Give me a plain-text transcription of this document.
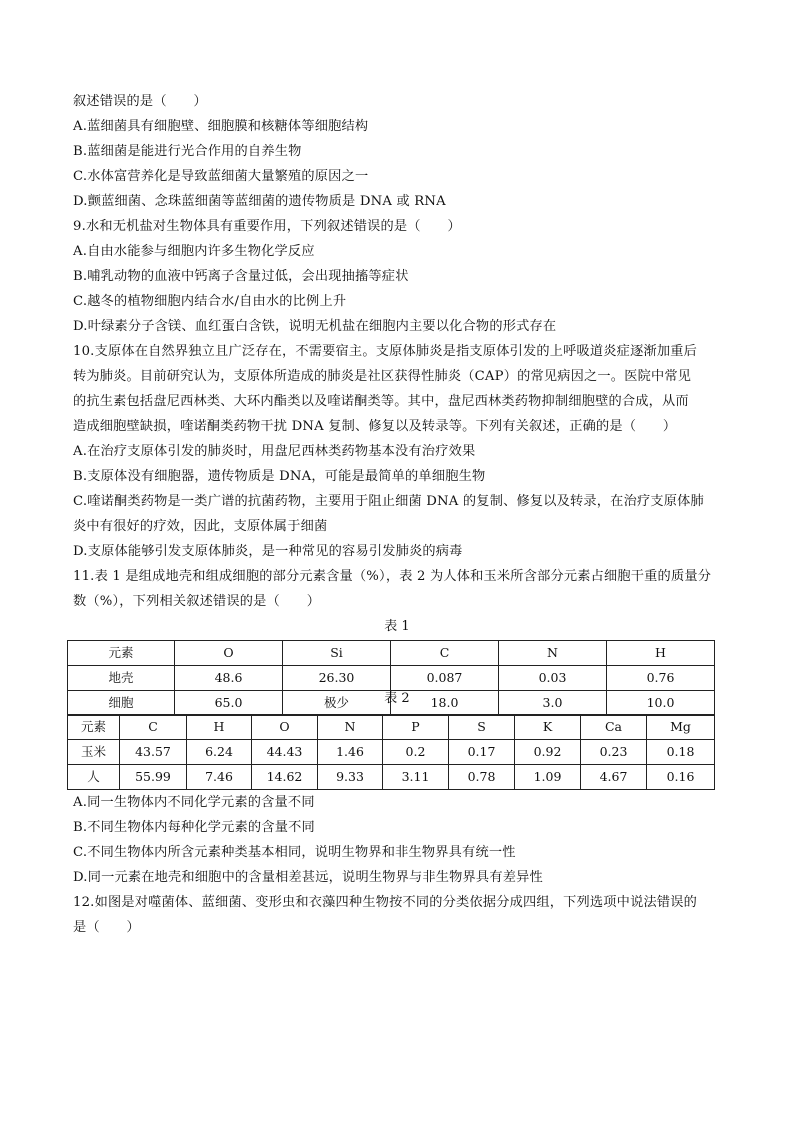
叙述错误的是（　　）
A.蓝细菌具有细胞壁、细胞膜和核糖体等细胞结构
B.蓝细菌是能进行光合作用的自养生物
C.水体富营养化是导致蓝细菌大量繁殖的原因之一
D.颤蓝细菌、念珠蓝细菌等蓝细菌的遗传物质是 DNA 或 RNA
9.水和无机盐对生物体具有重要作用，下列叙述错误的是（　　）
A.自由水能参与细胞内许多生物化学反应
B.哺乳动物的血液中钙离子含量过低，会出现抽搐等症状
C.越冬的植物细胞内结合水/自由水的比例上升
D.叶绿素分子含镁、血红蛋白含铁，说明无机盐在细胞内主要以化合物的形式存在
10.支原体在自然界独立且广泛存在，不需要宿主。支原体肺炎是指支原体引发的上呼吸道炎症逐渐加重后
转为肺炎。目前研究认为，支原体所造成的肺炎是社区获得性肺炎（CAP）的常见病因之一。医院中常见
的抗生素包括盘尼西林类、大环内酯类以及喹诺酮类等。其中，盘尼西林类药物抑制细胞壁的合成，从而
造成细胞壁缺损，喹诺酮类药物干扰 DNA 复制、修复以及转录等。下列有关叙述，正确的是（　　）
A.在治疗支原体引发的肺炎时，用盘尼西林类药物基本没有治疗效果
B.支原体没有细胞器，遗传物质是 DNA，可能是最简单的单细胞生物
C.喹诺酮类药物是一类广谱的抗菌药物，主要用于阻止细菌 DNA 的复制、修复以及转录，在治疗支原体肺
炎中有很好的疗效，因此，支原体属于细菌
D.支原体能够引发支原体肺炎，是一种常见的容易引发肺炎的病毒
11.表 1 是组成地壳和组成细胞的部分元素含量（%），表 2 为人体和玉米所含部分元素占细胞干重的质量分
数（%），下列相关叙述错误的是（　　）
表 1
元素	O	Si	C	N	H
地壳	48.6	26.30	0.087	0.03	0.76
细胞	65.0	极少	18.0	3.0	10.0
表 2
元素	C	H	O	N	P	S	K	Ca	Mg
玉米	43.57	6.24	44.43	1.46	0.2	0.17	0.92	0.23	0.18
人	55.99	7.46	14.62	9.33	3.11	0.78	1.09	4.67	0.16
A.同一生物体内不同化学元素的含量不同
B.不同生物体内每种化学元素的含量不同
C.不同生物体内所含元素种类基本相同，说明生物界和非生物界具有统一性
D.同一元素在地壳和细胞中的含量相差甚远，说明生物界与非生物界具有差异性
12.如图是对噬菌体、蓝细菌、变形虫和衣藻四种生物按不同的分类依据分成四组，下列选项中说法错误的
是（　　）
